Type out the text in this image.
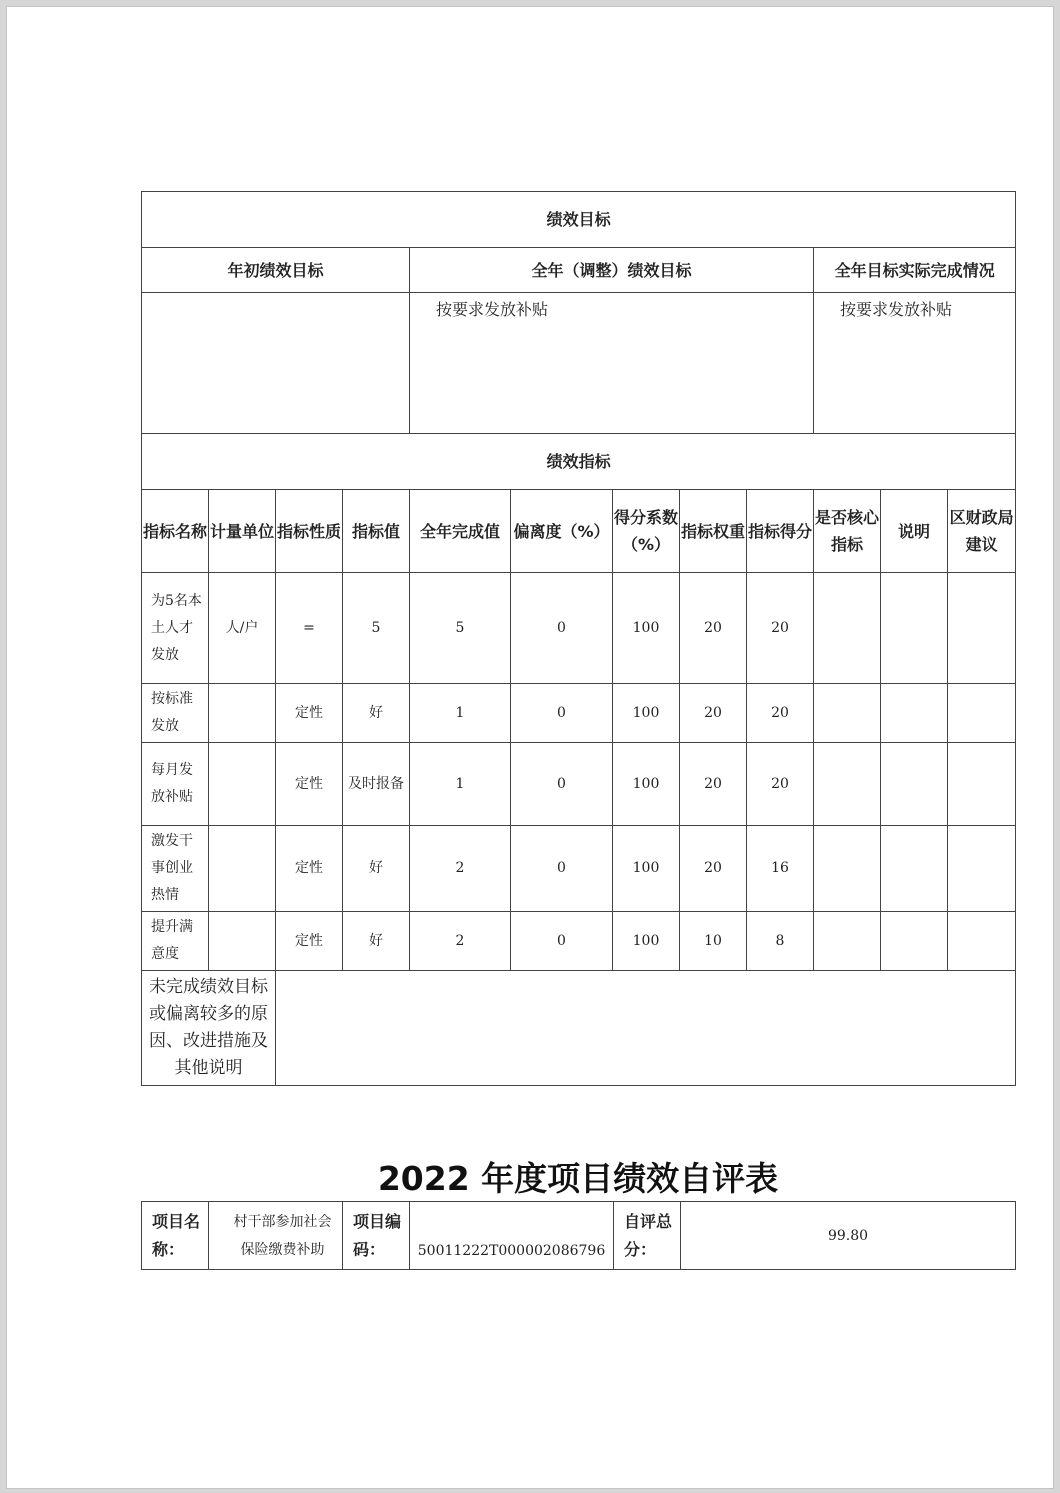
绩效目标											
年初绩效目标				全年（调整）绩效目标					全年目标实际完成情况		
				按要求发放补贴					按要求发放补贴		
绩效指标											
指标名称	计量单位	指标性质	指标值	全年完成值	偏离度（%）	得分系数（%）	指标权重	指标得分	是否核心指标	说明	区财政局建议
为5名本土人才发放	人/户	=	5	5	0	100	20	20			
按标准发放		定性	好	1	0	100	20	20			
每月发放补贴		定性	及时报备	1	0	100	20	20			
激发干事创业热情		定性	好	2	0	100	20	16			
提升满意度		定性	好	2	0	100	10	8			
未完成绩效目标或偏离较多的原因、改进措施及其他说明											
2022 年度项目绩效自评表
项目名称：	村干部参加社会保险缴费补助	项目编码：	50011222T000002086796	自评总分：	99.80
